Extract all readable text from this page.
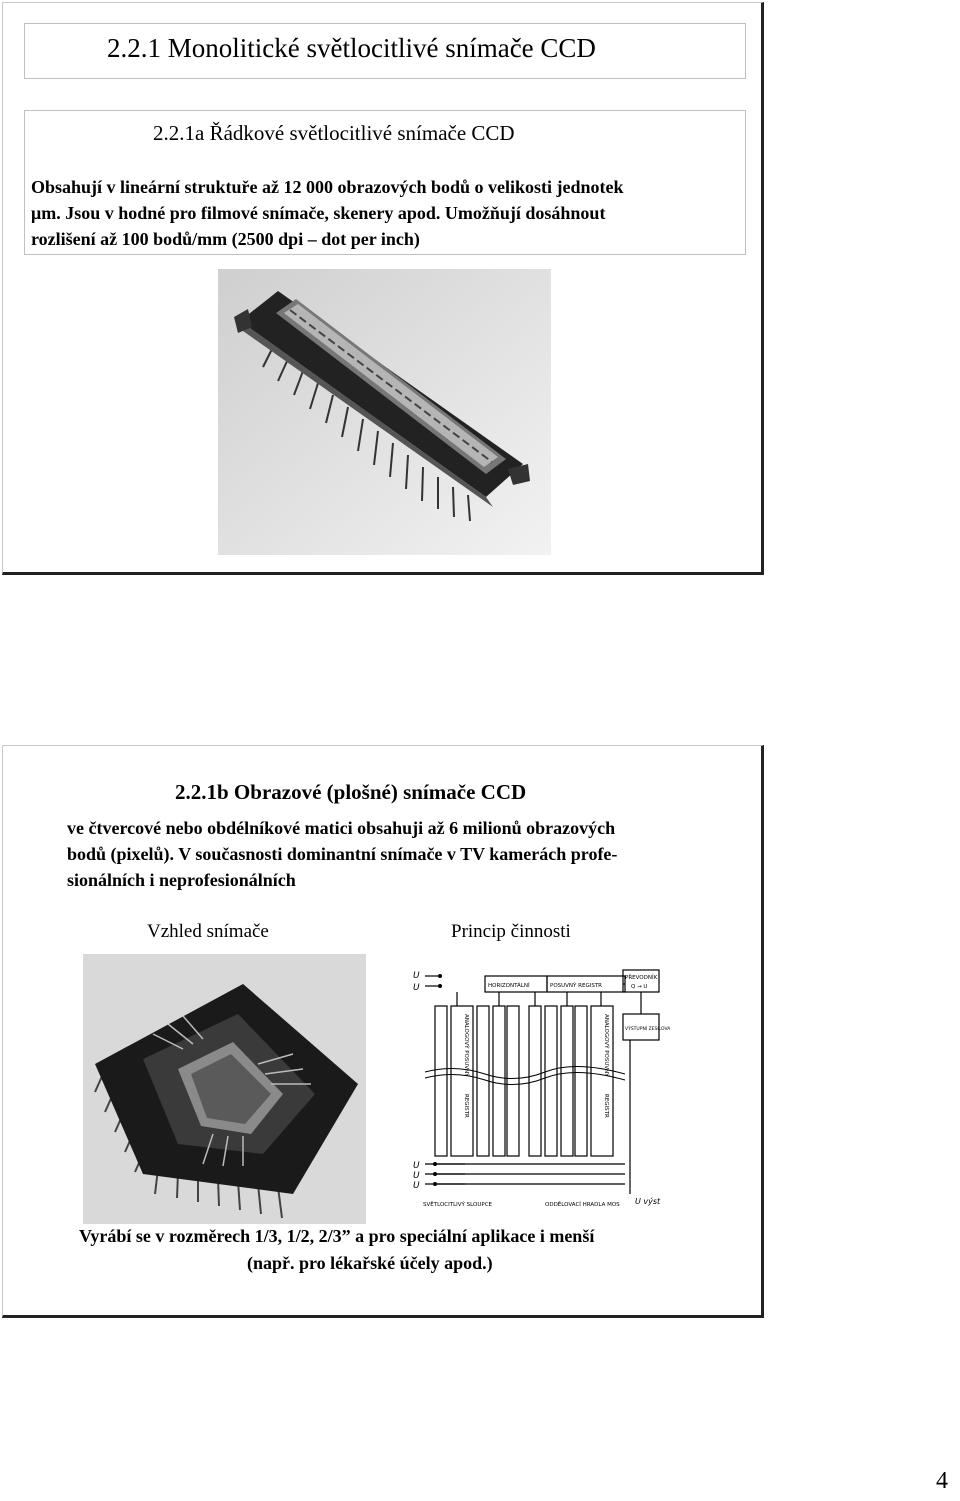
2.2.1 Monolitické světlocitlivé snímače CCD
2.2.1a Řádkové světlocitlivé snímače CCD
Obsahují v lineární struktuře až 12 000 obrazových bodů o velikosti jednotek
μm. Jsou v hodné pro filmové snímače, skenery apod. Umožňují dosáhnout
rozlišení až 100 bodů/mm (2500 dpi – dot per inch)
2.2.1b Obrazové (plošné) snímače CCD
ve čtvercové nebo obdélníkové matici obsahuji až 6 milionů obrazových
bodů (pixelů). V současnosti dominantní snímače v TV kamerách profe-
sionálních i neprofesionálních
Vzhled snímače	Princip činnosti
U
U
U
U
U
HORIZONTÁLNÍ	POSUVNÝ REGISTR
PŘEVODNÍK
Q → U
VÝSTUPNÍ ZESILOVAČ
SVĚTLOCITLIVÝ SLOUPCE	ODDĚLOVACÍ HRADLA MOS U výst
ANALOGOVÝ POSUVNÝ	ANALOGOVÝ POSUVNÝ
REGISTR	REGISTR
Vyrábí se v rozměrech 1/3, 1/2, 2/3” a pro speciální aplikace i menší
(např. pro lékařské účely apod.)
4
